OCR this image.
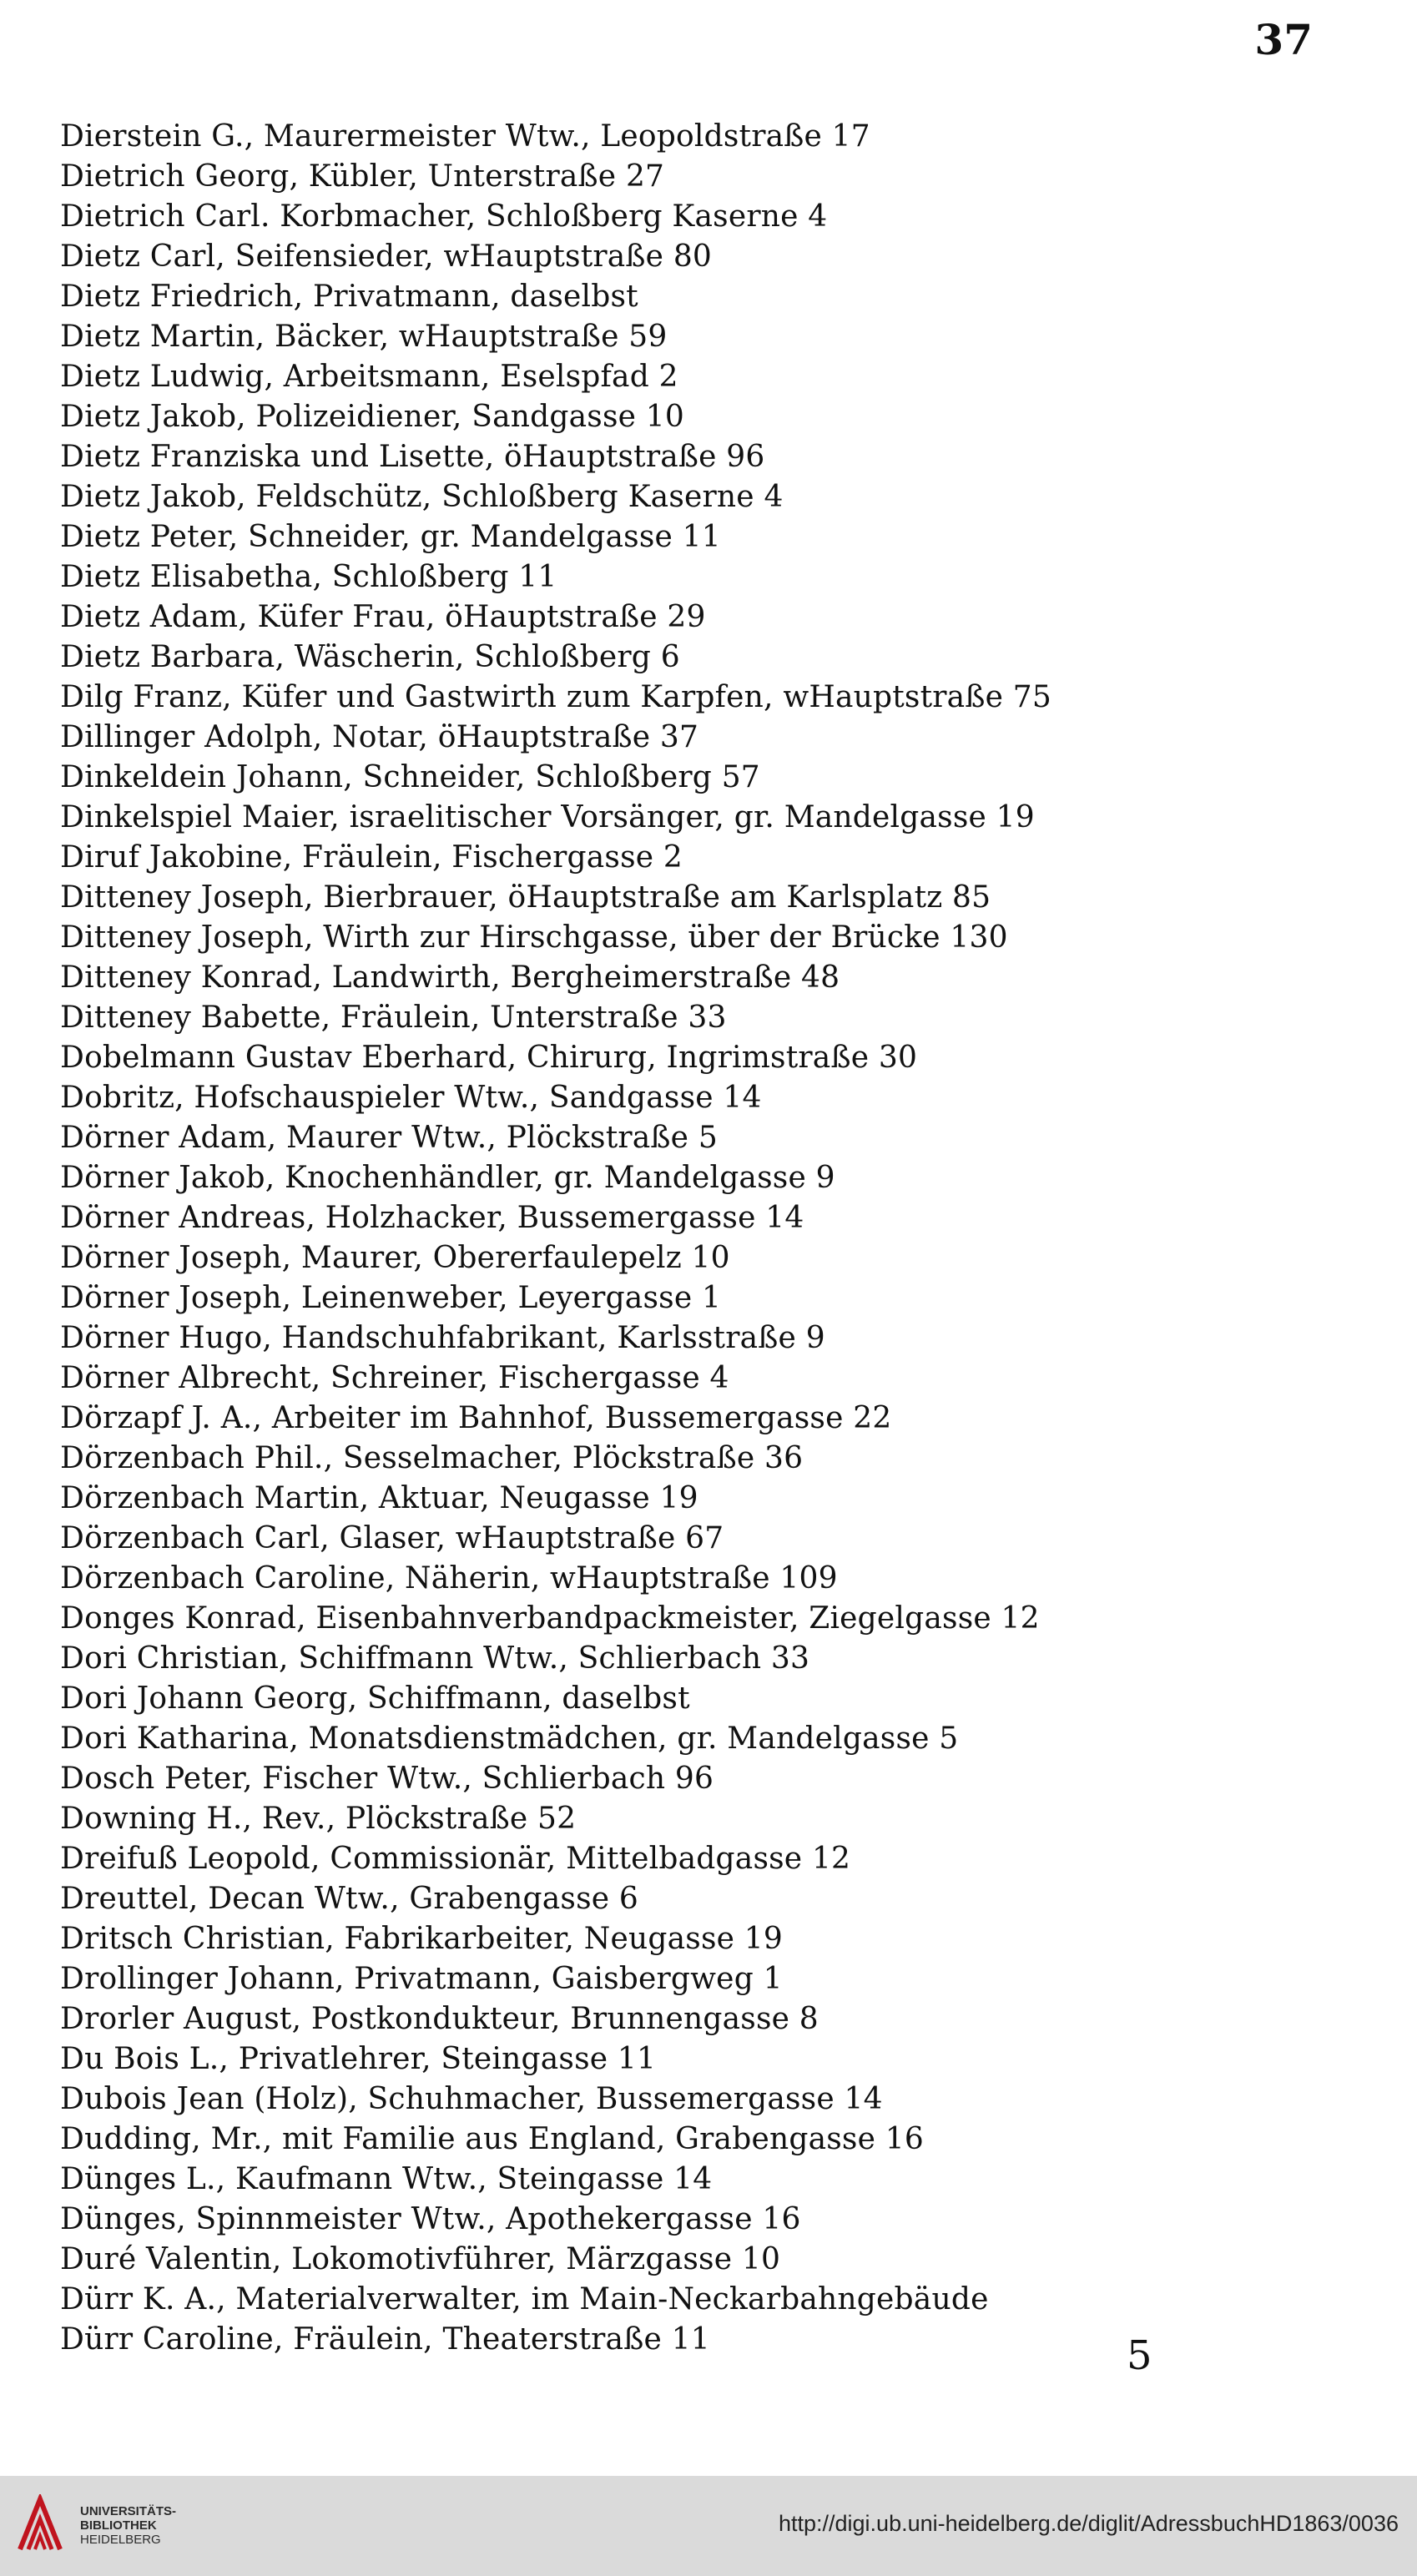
37

Dierstein G., Maurermeister Wtw., Leopoldstraße 17
Dietrich Georg, Kübler, Unterstraße 27
Dietrich Carl. Korbmacher, Schloßberg Kaserne 4
Dietz Carl, Seifensieder, wHauptstraße 80
Dietz Friedrich, Privatmann, daselbst
Dietz Martin, Bäcker, wHauptstraße 59
Dietz Ludwig, Arbeitsmann, Eselspfad 2
Dietz Jakob, Polizeidiener, Sandgasse 10
Dietz Franziska und Lisette, öHauptstraße 96
Dietz Jakob, Feldschütz, Schloßberg Kaserne 4
Dietz Peter, Schneider, gr. Mandelgasse 11
Dietz Elisabetha, Schloßberg 11
Dietz Adam, Küfer Frau, öHauptstraße 29
Dietz Barbara, Wäscherin, Schloßberg 6
Dilg Franz, Küfer und Gastwirth zum Karpfen, wHauptstraße 75
Dillinger Adolph, Notar, öHauptstraße 37
Dinkeldein Johann, Schneider, Schloßberg 57
Dinkelspiel Maier, israelitischer Vorsänger, gr. Mandelgasse 19
Diruf Jakobine, Fräulein, Fischergasse 2
Ditteney Joseph, Bierbrauer, öHauptstraße am Karlsplatz 85
Ditteney Joseph, Wirth zur Hirschgasse, über der Brücke 130
Ditteney Konrad, Landwirth, Bergheimerstraße 48
Ditteney Babette, Fräulein, Unterstraße 33
Dobelmann Gustav Eberhard, Chirurg, Ingrimstraße 30
Dobritz, Hofschauspieler Wtw., Sandgasse 14
Dörner Adam, Maurer Wtw., Plöckstraße 5
Dörner Jakob, Knochenhändler, gr. Mandelgasse 9
Dörner Andreas, Holzhacker, Bussemergasse 14
Dörner Joseph, Maurer, Obererfaulepelz 10
Dörner Joseph, Leinenweber, Leyergasse 1
Dörner Hugo, Handschuhfabrikant, Karlsstraße 9
Dörner Albrecht, Schreiner, Fischergasse 4
Dörzapf J. A., Arbeiter im Bahnhof, Bussemergasse 22
Dörzenbach Phil., Sesselmacher, Plöckstraße 36
Dörzenbach Martin, Aktuar, Neugasse 19
Dörzenbach Carl, Glaser, wHauptstraße 67
Dörzenbach Caroline, Näherin, wHauptstraße 109
Donges Konrad, Eisenbahnverbandpackmeister, Ziegelgasse 12
Dori Christian, Schiffmann Wtw., Schlierbach 33
Dori Johann Georg, Schiffmann, daselbst
Dori Katharina, Monatsdienstmädchen, gr. Mandelgasse 5
Dosch Peter, Fischer Wtw., Schlierbach 96
Downing H., Rev., Plöckstraße 52
Dreifuß Leopold, Commissionär, Mittelbadgasse 12
Dreuttel, Decan Wtw., Grabengasse 6
Dritsch Christian, Fabrikarbeiter, Neugasse 19
Drollinger Johann, Privatmann, Gaisbergweg 1
Drorler August, Postkondukteur, Brunnengasse 8
Du Bois L., Privatlehrer, Steingasse 11
Dubois Jean (Holz), Schuhmacher, Bussemergasse 14
Dudding, Mr., mit Familie aus England, Grabengasse 16
Dünges L., Kaufmann Wtw., Steingasse 14
Dünges, Spinnmeister Wtw., Apothekergasse 16
Duré Valentin, Lokomotivführer, Märzgasse 10
Dürr K. A., Materialverwalter, im Main-Neckarbahngebäude
Dürr Caroline, Fräulein, Theaterstraße 11	5

UNIVERSITÄTS-
BIBLIOTHEK
HEIDELBERG
http://digi.ub.uni-heidelberg.de/diglit/AdressbuchHD1863/0036
